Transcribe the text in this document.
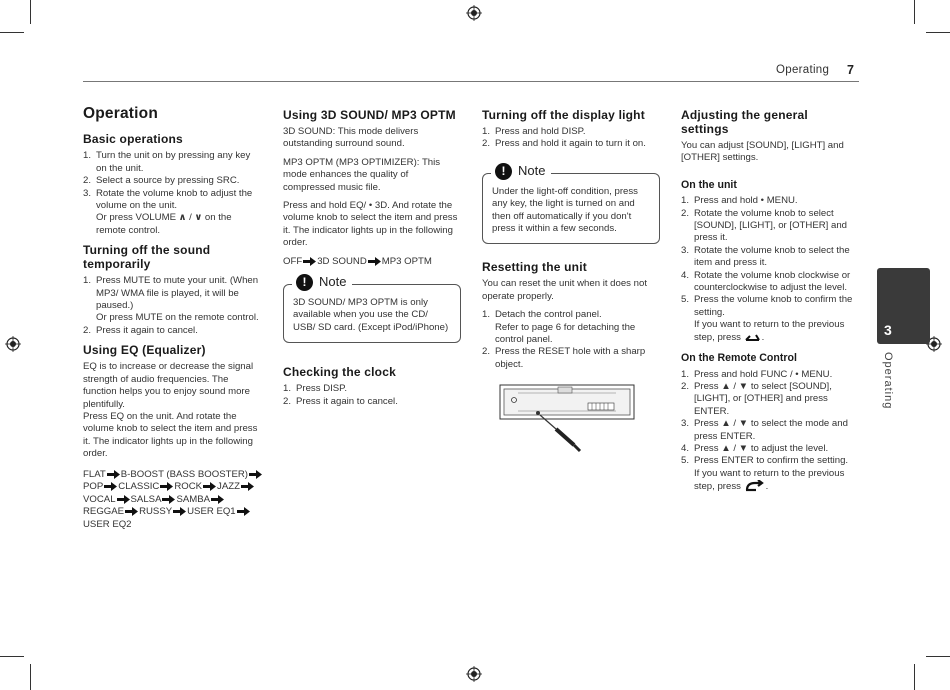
Operating 7
3
Operating
Operation
Basic operations
1. Turn the unit on by pressing any key on the unit.
2. Select a source by pressing SRC.
3. Rotate the volume knob to adjust the volume on the unit.
Or press VOLUME ∧ / ∨ on the remote control.
Turning off the sound temporarily
1. Press MUTE to mute your unit. (When MP3/ WMA file is played, it will be paused.)
Or press MUTE on the remote control.
2. Press it again to cancel.
Using EQ (Equalizer)

EQ is to increase or decrease the signal strength of audio frequencies. The function helps you to enjoy sound more plentifully.

Press EQ on the unit. And rotate the volume knob to select the item and press it. The indicator lights up in the following order.

FLAT B-BOOST (BASS BOOSTER)POP CLASSIC ROCK JAZZVOCAL SALSA SAMBAREGGAE RUSSY USER EQ1USER EQ2

Using 3D SOUND/ MP3 OPTM

3D SOUND: This mode delivers outstanding surround sound.

MP3 OPTM (MP3 OPTIMIZER): This mode enhances the quality of compressed music file.

Press and hold EQ/ • 3D. And rotate the volume knob to select the item and press it. The indicator lights up in the following order.

OFF 3D SOUND MP3 OPTM

! Note
3D SOUND/ MP3 OPTM is only available when you use the CD/ USB/ SD card. (Except iPod/iPhone)
Checking the clock
1. Press DISP.
2. Press it again to cancel.
Turning off the display light
1. Press and hold DISP.
2. Press and hold it again to turn it on.
! Note
Under the light-off condition, press any key, the light is turned on and then off automatically if you don't press it within a few seconds.
Resetting the unit

You can reset the unit when it does not operate properly.

1. Detach the control panel.
Refer to page 6 for detaching the control panel.
2. Press the RESET hole with a sharp object.
Adjusting the general settings

You can adjust [SOUND], [LIGHT] and [OTHER] settings.

On the unit
1. Press and hold • MENU.
2. Rotate the volume knob to select [SOUND], [LIGHT], or [OTHER] and press it.
3. Rotate the volume knob to select the item and press it.
4. Rotate the volume knob clockwise or counterclockwise to adjust the level.
5. Press the volume knob to confirm the setting.
If you want to return to the previous step, press .
On the Remote Control
1. Press and hold FUNC / • MENU.
2. Press ▲ / ▼ to select [SOUND], [LIGHT], or [OTHER] and press ENTER.
3. Press ▲ / ▼ to select the mode and press ENTER.
4. Press ▲ / ▼ to adjust the level.
5. Press ENTER to confirm the setting.
If you want to return to the previous step, press	.
